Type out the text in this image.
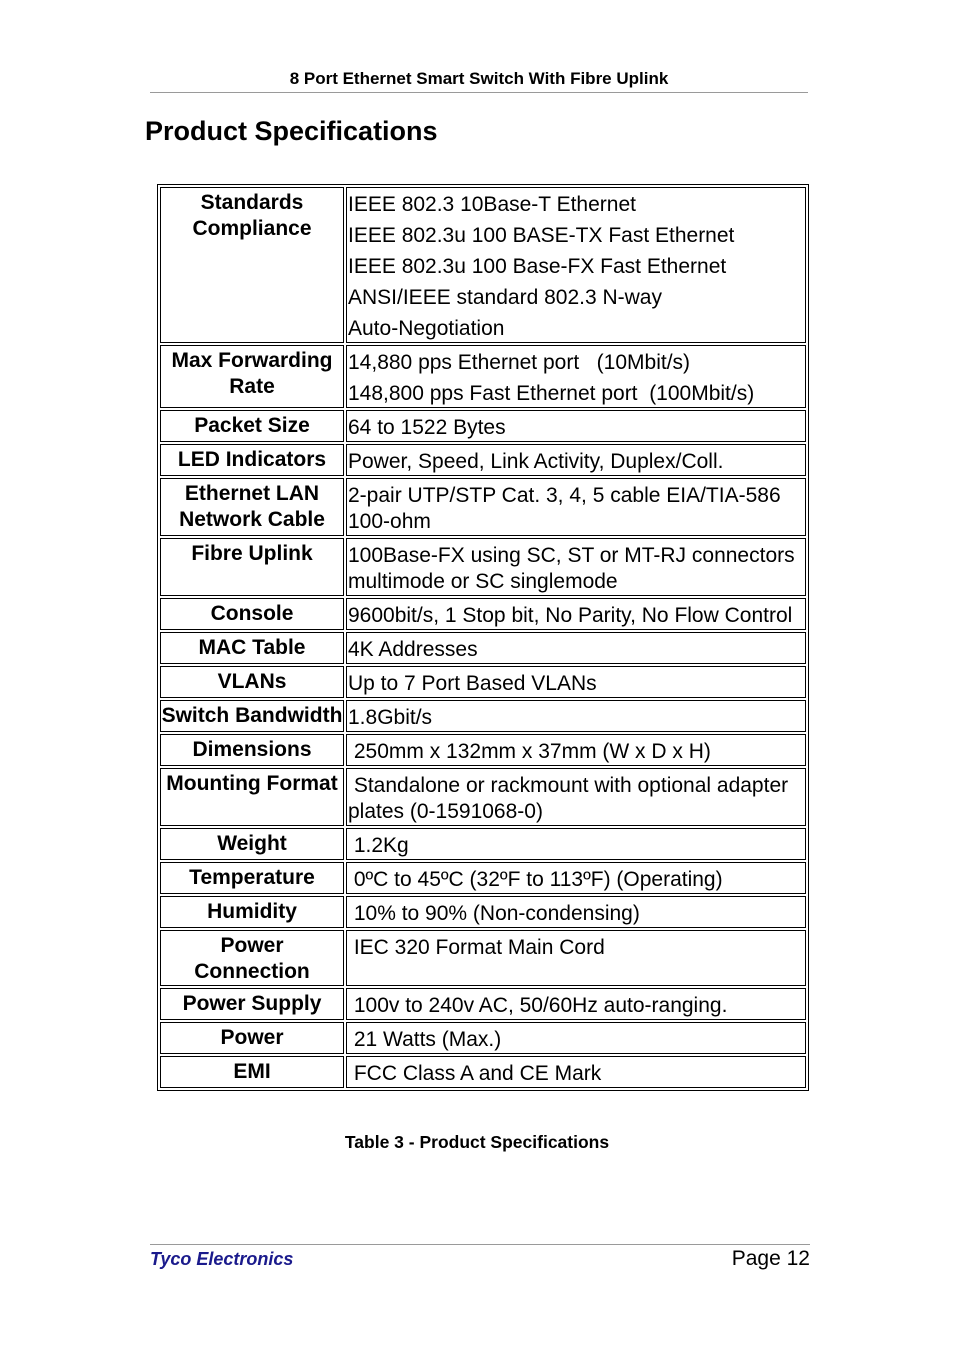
8 Port Ethernet Smart Switch With Fibre Uplink
Product Specifications
Standards Compliance	IEEE 802.3 10Base-T Ethernet
IEEE 802.3u 100 BASE-TX Fast Ethernet
IEEE 802.3u 100 Base-FX Fast Ethernet
ANSI/IEEE standard 802.3 N-way
Auto-Negotiation

Max Forwarding Rate	14,880 pps Ethernet port   (10Mbit/s)
148,800 pps Fast Ethernet port  (100Mbit/s)

Packet Size	64 to 1522 Bytes

LED Indicators	Power, Speed, Link Activity, Duplex/Coll.

Ethernet LAN Network Cable	2-pair UTP/STP Cat. 3, 4, 5 cable EIA/TIA-586 100-ohm

Fibre Uplink	100Base-FX using SC, ST or MT-RJ connectors multimode or SC singlemode

Console	9600bit/s, 1 Stop bit, No Parity, No Flow Control

MAC Table	4K Addresses

VLANs	Up to 7 Port Based VLANs

Switch Bandwidth	1.8Gbit/s

Dimensions	250mm x 132mm x 37mm (W x D x H)

Mounting Format	Standalone or rackmount with optional adapter plates (0-1591068-0)

Weight	1.2Kg

Temperature	0ºC to 45ºC (32ºF to 113ºF) (Operating)

Humidity	10% to 90% (Non-condensing)

Power Connection	IEC 320 Format Main Cord

Power Supply	100v to 240v AC, 50/60Hz auto-ranging.

Power	21 Watts (Max.)

EMI	FCC Class A and CE Mark
Table 3 - Product Specifications
Tyco Electronics	Page 12
